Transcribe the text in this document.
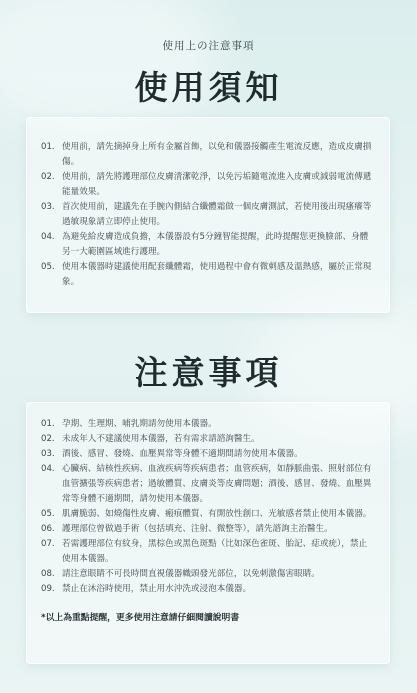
使用上の注意事項
使用須知
01. 使用前，請先摘掉身上所有金屬首飾，以免和儀器接觸產生電流反應，造成皮膚損傷。
02. 使用前，請先將護理部位皮膚清潔乾淨，以免污垢隨電流進入皮膚或減弱電流傳遞能量效果。
03. 首次使用前，建議先在手腕內側結合纖體霜做一個皮膚測試，若使用後出現瘙癢等過敏現象請立即停止使用。
04. 為避免給皮膚造成負擔，本儀器設有5分鐘智能提醒，此時提醒您更換臉部、身體另一大範圍區域進行護理。
05. 使用本儀器時建議使用配套纖體霜，使用過程中會有微刺感及溫熱感，屬於正常現象。
注意事項
01. 孕期、生理期、哺乳期請勿使用本儀器。
02. 未成年人不建議使用本儀器，若有需求請諮詢醫生。
03. 酒後、感冒、發燒、血壓異常等身體不適期間請勿使用本儀器。
04. 心臟病、結核性疾病、血液疾病等疾病患者；血管疾病，如靜脈曲張、照射部位有血管擴張等疾病患者；過敏體質、皮膚炎等皮膚問題；酒後、感冒、發燒、血壓異常等身體不適期間，請勿使用本儀器。
05. 肌膚脆弱、如燒傷性皮膚、瘢痕體質、有開放性創口、光敏感者禁止使用本儀器。
06. 護理部位曾做過手術（包括填充、注射、微整等），請先諮詢主治醫生。
07. 若需護理部位有紋身，黑棕色或黑色斑點（比如深色雀斑、胎記、痣或疣），禁止使用本儀器。
08. 請注意眼睛不可長時間直視儀器幟頭發光部位，以免刺激傷害眼睛。
09. 禁止在沐浴時使用，禁止用水沖洗或浸泡本儀器。
*以上為重點提醒，更多使用注意請仔細閱讀說明書
